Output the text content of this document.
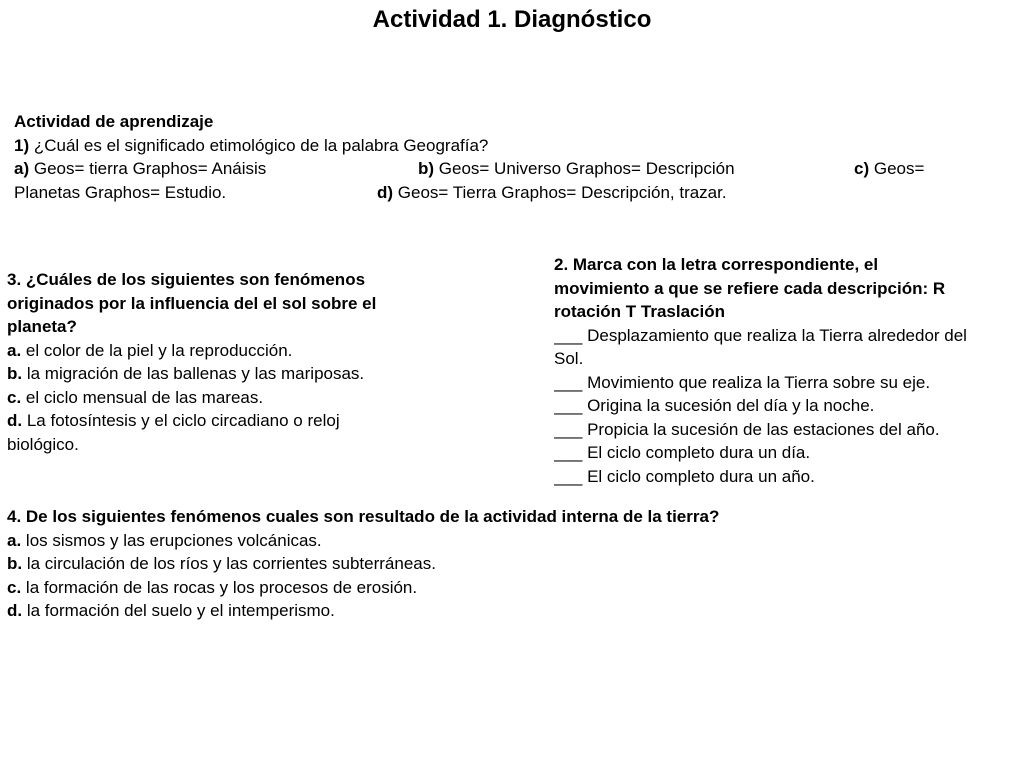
Actividad 1. Diagnóstico
Actividad de aprendizaje
1) ¿Cuál es el significado etimológico de la palabra Geografía?
a) Geos= tierra Graphos= Anáisis	b) Geos= Universo Graphos= Descripción	c) Geos=
Planetas Graphos= Estudio.	d) Geos= Tierra Graphos= Descripción, trazar.
3. ¿Cuáles de los siguientes son fenómenos
originados por la influencia del el sol sobre el
planeta?
a. el color de la piel y la reproducción.
b. la migración de las ballenas y las mariposas.
c. el ciclo mensual de las mareas.
d. La fotosíntesis y el ciclo circadiano o reloj
biológico.
2. Marca con la letra correspondiente, el
movimiento a que se refiere cada descripción: R
rotación T Traslación
___ Desplazamiento que realiza la Tierra alrededor del
Sol.
___ Movimiento que realiza la Tierra sobre su eje.
___ Origina la sucesión del día y la noche.
___ Propicia la sucesión de las estaciones del año.
___ El ciclo completo dura un día.
___ El ciclo completo dura un año.
4. De los siguientes fenómenos cuales son resultado de la actividad interna de la tierra?
a. los sismos y las erupciones volcánicas.
b. la circulación de los ríos y las corrientes subterráneas.
c. la formación de las rocas y los procesos de erosión.
d. la formación del suelo y el intemperismo.
